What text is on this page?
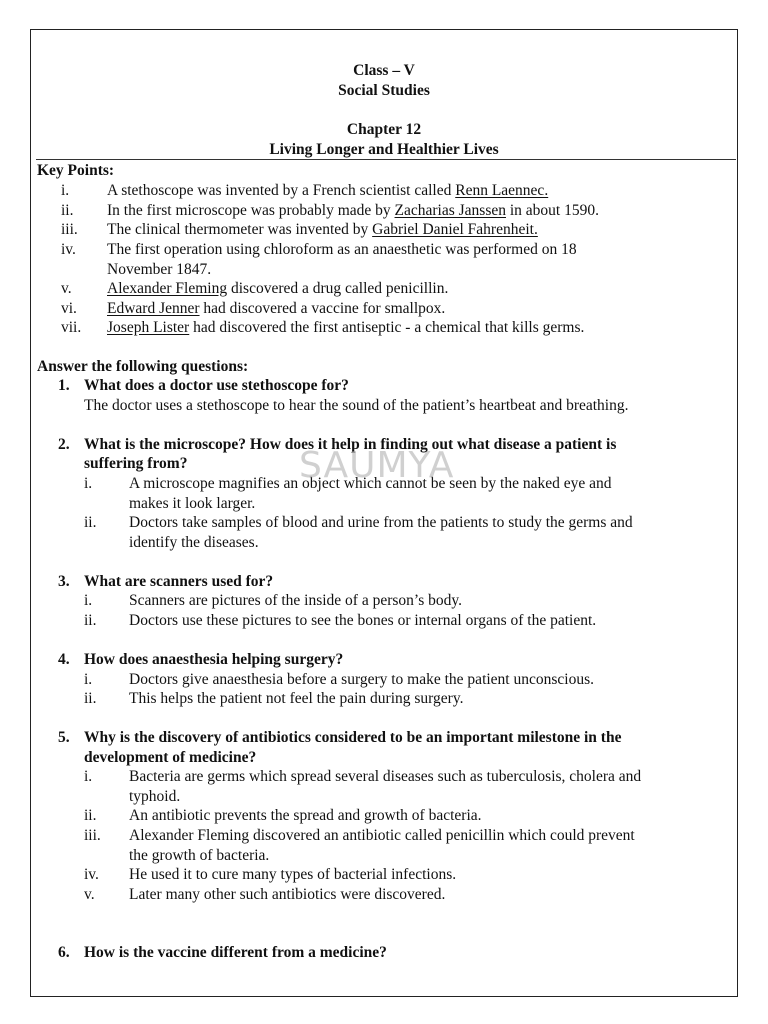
Class – V
Social Studies
Chapter 12
Living Longer and Healthier Lives
Key Points:
i. A stethoscope was invented by a French scientist called Renn Laennec.
ii. In the first microscope was probably made by Zacharias Janssen in about 1590.
iii. The clinical thermometer was invented by Gabriel Daniel Fahrenheit.
iv. The first operation using chloroform as an anaesthetic was performed on 18
November 1847.
v. Alexander Fleming discovered a drug called penicillin.
vi. Edward Jenner had discovered a vaccine for smallpox.
vii. Joseph Lister had discovered the first antiseptic - a chemical that kills germs.
Answer the following questions:
1. What does a doctor use stethoscope for?
The doctor uses a stethoscope to hear the sound of the patient’s heartbeat and breathing.
2. What is the microscope? How does it help in finding out what disease a patient is
suffering from?
i. A microscope magnifies an object which cannot be seen by the naked eye and
makes it look larger.
ii. Doctors take samples of blood and urine from the patients to study the germs and
identify the diseases.
3. What are scanners used for?
i. Scanners are pictures of the inside of a person’s body.
ii. Doctors use these pictures to see the bones or internal organs of the patient.
4. How does anaesthesia helping surgery?
i. Doctors give anaesthesia before a surgery to make the patient unconscious.
ii. This helps the patient not feel the pain during surgery.
5. Why is the discovery of antibiotics considered to be an important milestone in the
development of medicine?
i. Bacteria are germs which spread several diseases such as tuberculosis, cholera and
typhoid.
ii. An antibiotic prevents the spread and growth of bacteria.
iii. Alexander Fleming discovered an antibiotic called penicillin which could prevent
the growth of bacteria.
iv. He used it to cure many types of bacterial infections.
v. Later many other such antibiotics were discovered.
6. How is the vaccine different from a medicine?
SAUMYA
